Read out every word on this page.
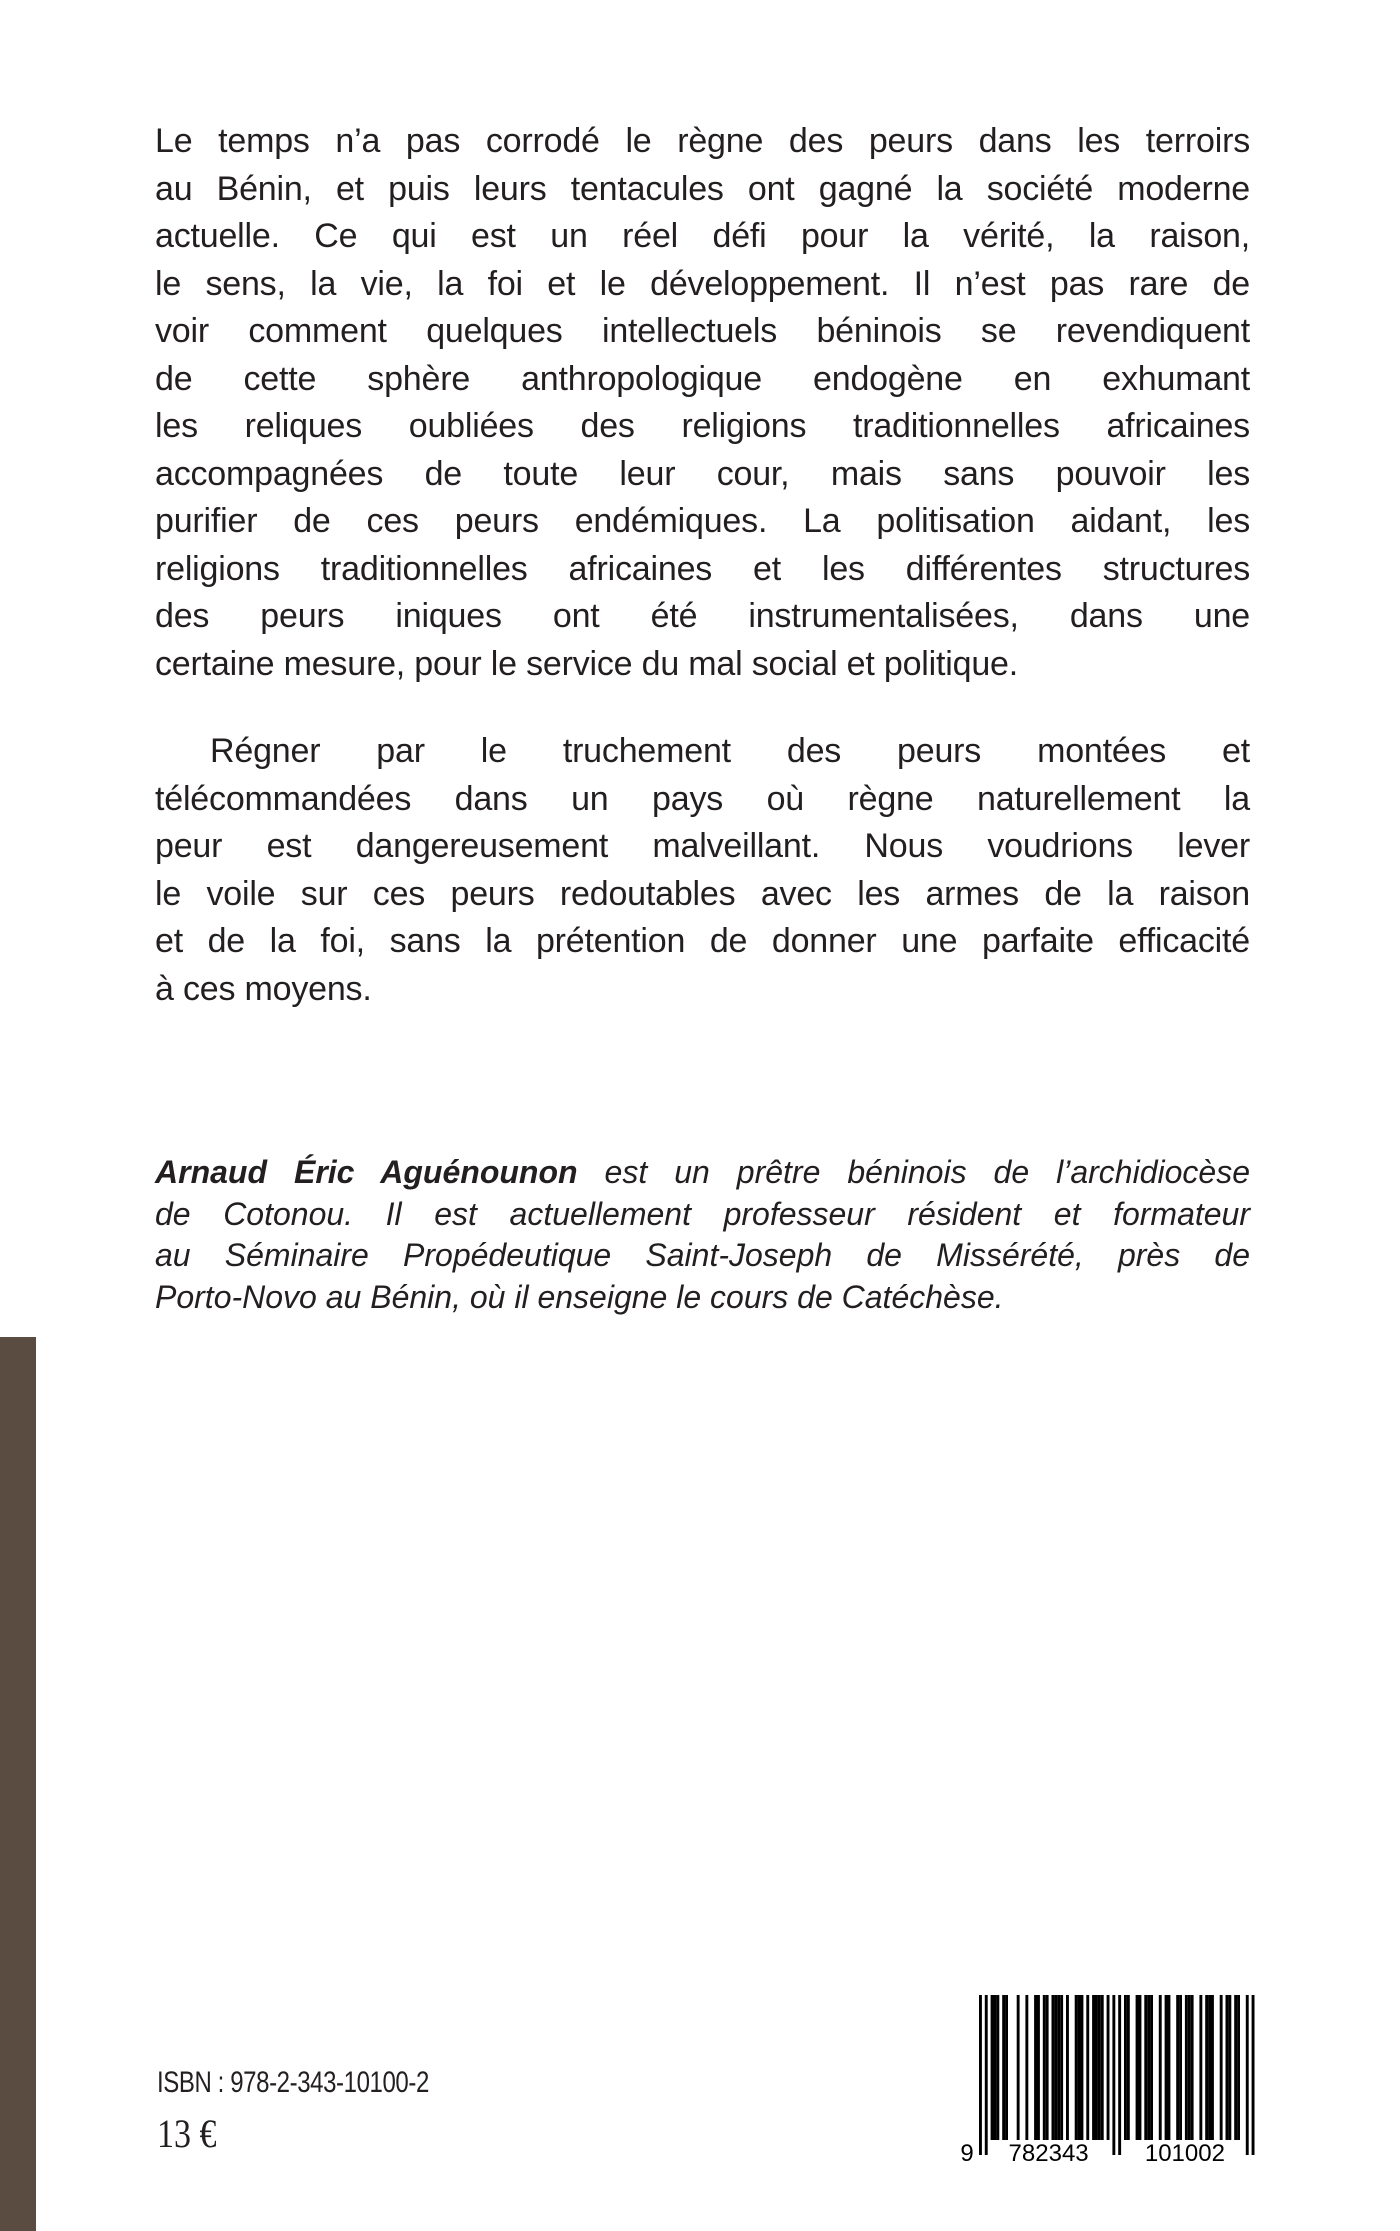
Le temps n’a pas corrodé le règne des peurs dans les terroirs
au Bénin, et puis leurs tentacules ont gagné la société moderne
actuelle. Ce qui est un réel défi pour la vérité, la raison,
le sens, la vie, la foi et le développement. Il n’est pas rare de
voir comment quelques intellectuels béninois se revendiquent
de cette sphère anthropologique endogène en exhumant
les reliques oubliées des religions traditionnelles africaines
accompagnées de toute leur cour, mais sans pouvoir les
purifier de ces peurs endémiques. La politisation aidant, les
religions traditionnelles africaines et les différentes structures
des peurs iniques ont été instrumentalisées, dans une
certaine mesure, pour le service du mal social et politique.
Régner par le truchement des peurs montées et
télécommandées dans un pays où règne naturellement la
peur est dangereusement malveillant. Nous voudrions lever
le voile sur ces peurs redoutables avec les armes de la raison
et de la foi, sans la prétention de donner une parfaite efficacité
à ces moyens.
Arnaud Éric Aguénounon est un prêtre béninois de l’archidiocèse
de Cotonou. Il est actuellement professeur résident et formateur
au Séminaire Propédeutique Saint-Joseph de Missérété, près de
Porto-Novo au Bénin, où il enseigne le cours de Catéchèse.
ISBN : 978-2-343-10100-2
13 €	9 782343 101002
